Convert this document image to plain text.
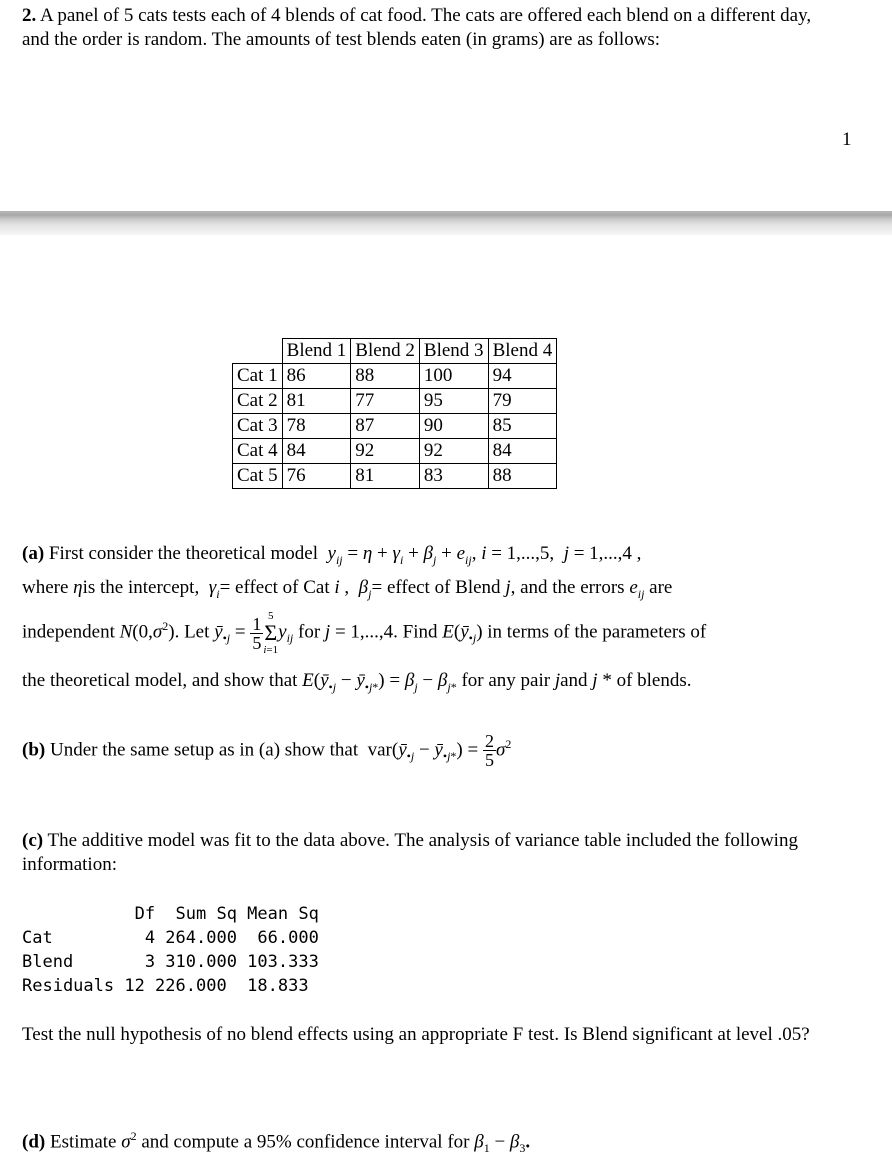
2. A panel of 5 cats tests each of 4 blends of cat food. The cats are offered each blend on a different day, and the order is random. The amounts of test blends eaten (in grams) are as follows:
1
	Blend 1	Blend 2	Blend 3	Blend 4
Cat 1	86	88	100	94
Cat 2	81	77	95	79
Cat 3	78	87	90	85
Cat 4	84	92	92	84
Cat 5	76	81	83	88
(a) First consider the theoretical model $y_{ij} = \eta + \gamma_i + \beta_j + e_{ij}$, i = 1,...,5,  j = 1,...,4 ,
where ηis the intercept, $\gamma_i=$ effect of Cat i ,  $\beta_j=$ effect of Blend j, and the errors $e_{ij}$ are
independent $N(0,\sigma^2)$. Let $ȳ_{•j} = \frac{1}{5} 5$
Σ
i=1
$y_{ij}$ for j = 1,...,4. Find $E(ȳ_{•j})$ in terms of the parameters of
the theoretical model, and show that $E(ȳ_{•j}$ − $ȳ_{•j*}) = \beta_j - \beta_{j*}$ for any pair jand j * of blends.
(b) Under the same setup as in (a) show that  $var(ȳ_{•j}$ − $ȳ_{•j*}) = \frac{2}{5} \sigma^2$
(c) The additive model was fit to the data above. The analysis of variance table included the following information:
Df  Sum Sq Mean Sq
Cat         4 264.000  66.000
Blend       3 310.000 103.333
Residuals 12 226.000  18.833
Test the null hypothesis of no blend effects using an appropriate F test. Is Blend significant at level .05?
(d) Estimate $\sigma^2$ and compute a 95% confidence interval for $\beta_1 - \beta_3$.
